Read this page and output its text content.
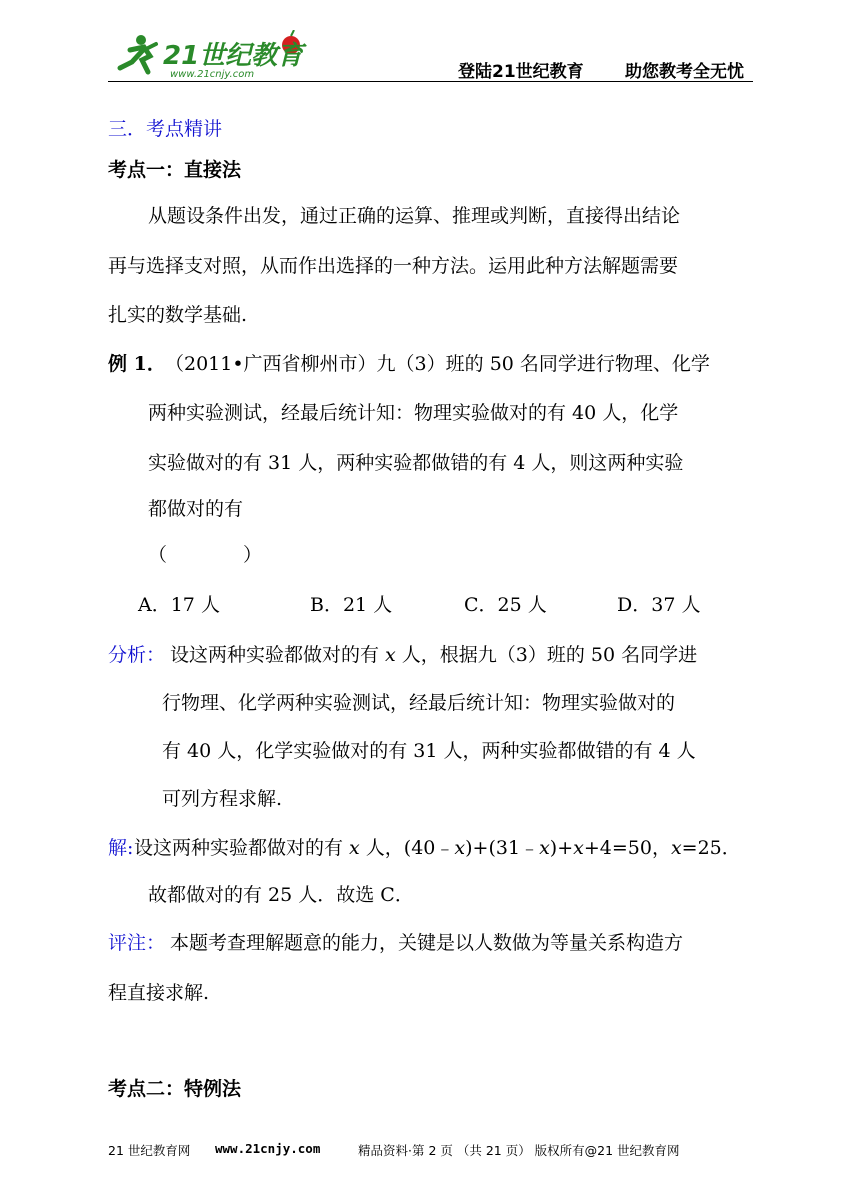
21世纪教育
www.21cnjy.com	登陆21世纪教育 助您教考全无忧
三．考点精讲
考点一：直接法
从题设条件出发，通过正确的运算、推理或判断，直接得出结论
再与选择支对照，从而作出选择的一种方法。运用此种方法解题需要
扎实的数学基础.
例 1． （2011•广西省柳州市）九（3）班的 50 名同学进行物理、化学
两种实验测试，经最后统计知：物理实验做对的有 40 人，化学
实验做对的有 31 人，两种实验都做错的有 4 人，则这两种实验
都做对的有
（　　　　）
A．17 人	B．21 人	C．25 人	D．37 人
分析： 设这两种实验都做对的有 x 人，根据九（3）班的 50 名同学进
行物理、化学两种实验测试，经最后统计知：物理实验做对的
有 40 人，化学实验做对的有 31 人，两种实验都做错的有 4 人
可列方程求解.
解: 设这两种实验都做对的有 x 人，(40﹣x)+(31﹣x)+x+4=50，x=25．
故都做对的有 25 人．故选 C．
评注： 本题考查理解题意的能力，关键是以人数做为等量关系构造方
程直接求解.
考点二：特例法
21 世纪教育网 www.21cnjy.com	精品资料·第 2 页 （共 21 页） 版权所有@21 世纪教育网
